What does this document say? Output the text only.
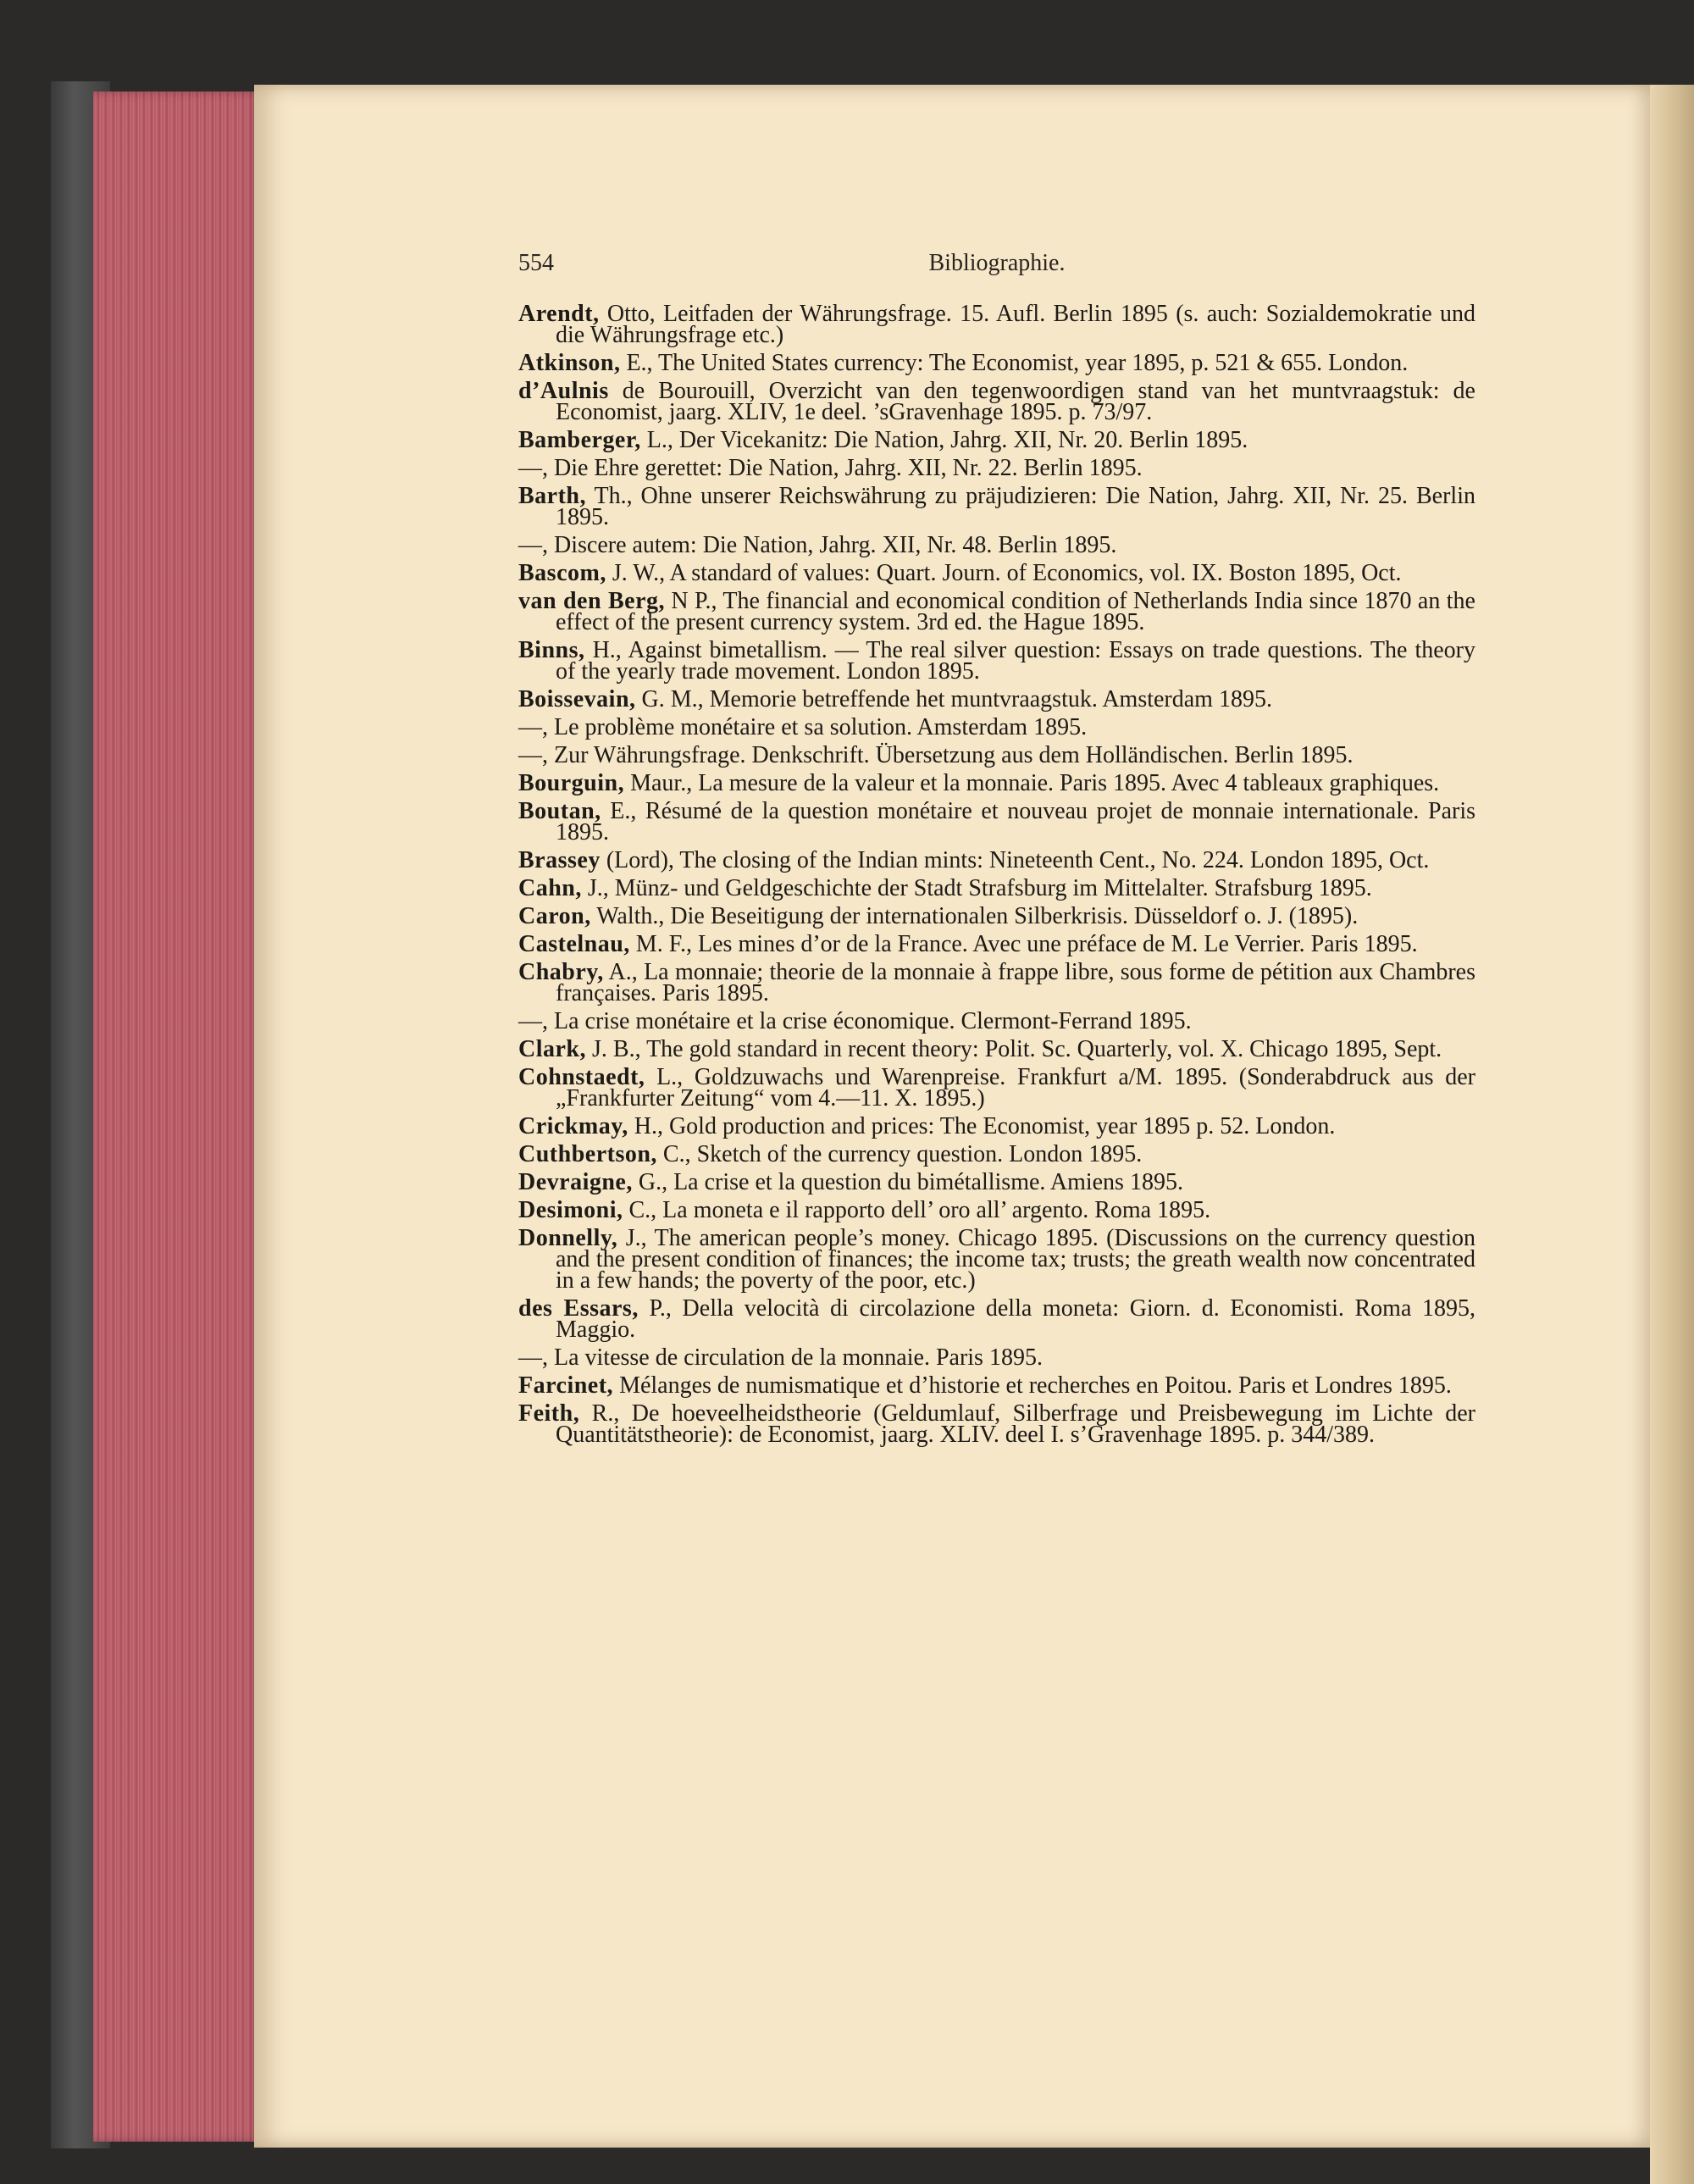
554	Bibliographie.
Arendt, Otto, Leitfaden der Währungsfrage. 15. Aufl. Berlin 1895 (s. auch: Sozialdemokratie und die Währungsfrage etc.)
Atkinson, E., The United States currency: The Economist, year 1895, p. 521 & 655. London.
d’Aulnis de Bourouill, Overzicht van den tegenwoordigen stand van het muntvraagstuk: de Economist, jaarg. XLIV, 1e deel. ’sGravenhage 1895. p. 73/97.
Bamberger, L., Der Vicekanitz: Die Nation, Jahrg. XII, Nr. 20. Berlin 1895.
—, Die Ehre gerettet: Die Nation, Jahrg. XII, Nr. 22. Berlin 1895.
Barth, Th., Ohne unserer Reichswährung zu präjudizieren: Die Nation, Jahrg. XII, Nr. 25. Berlin 1895.
—, Discere autem: Die Nation, Jahrg. XII, Nr. 48. Berlin 1895.
Bascom, J. W., A standard of values: Quart. Journ. of Economics, vol. IX. Boston 1895, Oct.
van den Berg, N P., The financial and economical condition of Netherlands India since 1870 an the effect of the present currency system. 3rd ed. the Hague 1895.
Binns, H., Against bimetallism. — The real silver question: Essays on trade questions. The theory of the yearly trade movement. London 1895.
Boissevain, G. M., Memorie betreffende het muntvraagstuk. Amsterdam 1895.
—, Le problème monétaire et sa solution. Amsterdam 1895.
—, Zur Währungsfrage. Denkschrift. Übersetzung aus dem Holländischen. Berlin 1895.
Bourguin, Maur., La mesure de la valeur et la monnaie. Paris 1895. Avec 4 tableaux graphiques.
Boutan, E., Résumé de la question monétaire et nouveau projet de monnaie internationale. Paris 1895.
Brassey (Lord), The closing of the Indian mints: Nineteenth Cent., No. 224. London 1895, Oct.
Cahn, J., Münz- und Geldgeschichte der Stadt Strafsburg im Mittelalter. Strafsburg 1895.
Caron, Walth., Die Beseitigung der internationalen Silberkrisis. Düsseldorf o. J. (1895).
Castelnau, M. F., Les mines d’or de la France. Avec une préface de M. Le Verrier. Paris 1895.
Chabry, A., La monnaie; theorie de la monnaie à frappe libre, sous forme de pétition aux Chambres françaises. Paris 1895.
—, La crise monétaire et la crise économique. Clermont-Ferrand 1895.
Clark, J. B., The gold standard in recent theory: Polit. Sc. Quarterly, vol. X. Chicago 1895, Sept.
Cohnstaedt, L., Goldzuwachs und Warenpreise. Frankfurt a/M. 1895. (Sonderabdruck aus der „Frankfurter Zeitung“ vom 4.—11. X. 1895.)
Crickmay, H., Gold production and prices: The Economist, year 1895 p. 52. London.
Cuthbertson, C., Sketch of the currency question. London 1895.
Devraigne, G., La crise et la question du bimétallisme. Amiens 1895.
Desimoni, C., La moneta e il rapporto dell’ oro all’ argento. Roma 1895.
Donnelly, J., The american people’s money. Chicago 1895. (Discussions on the currency question and the present condition of finances; the income tax; trusts; the greath wealth now concentrated in a few hands; the poverty of the poor, etc.)
des Essars, P., Della velocità di circolazione della moneta: Giorn. d. Economisti. Roma 1895, Maggio.
—, La vitesse de circulation de la monnaie. Paris 1895.
Farcinet, Mélanges de numismatique et d’historie et recherches en Poitou. Paris et Londres 1895.
Feith, R., De hoeveelheidstheorie (Geldumlauf, Silberfrage und Preisbewegung im Lichte der Quantitätstheorie): de Economist, jaarg. XLIV. deel I. s’Gravenhage 1895. p. 344/389.
